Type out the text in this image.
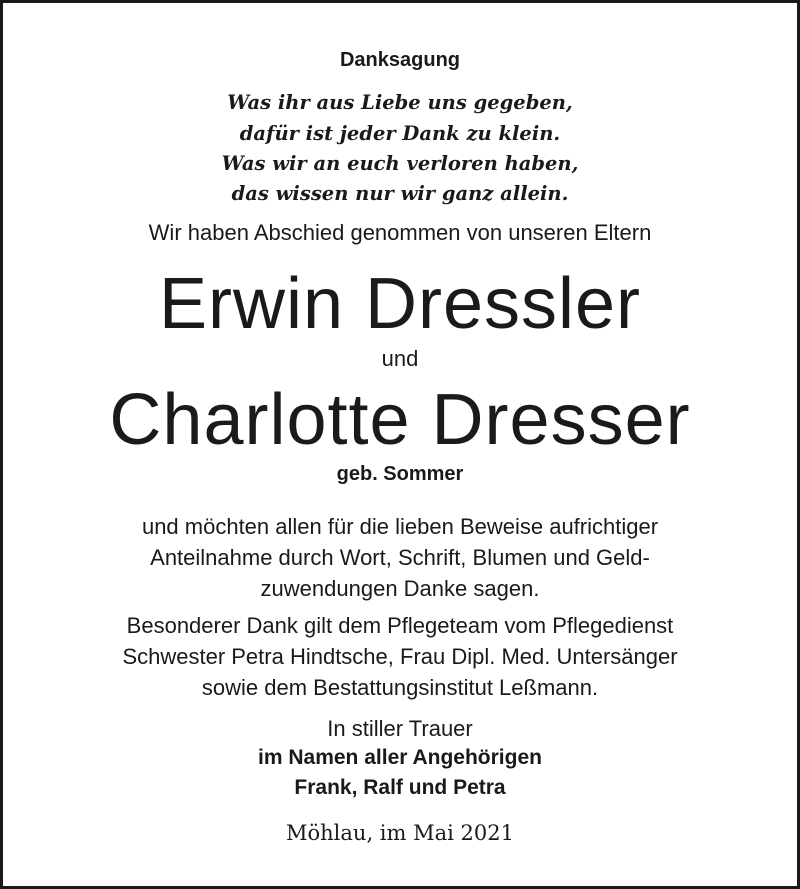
Danksagung
Was ihr aus Liebe uns gegeben,
dafür ist jeder Dank zu klein.
Was wir an euch verloren haben,
das wissen nur wir ganz allein.
Wir haben Abschied genommen von unseren Eltern
Erwin Dressler
und
Charlotte Dresser
geb. Sommer
und möchten allen für die lieben Beweise aufrichtiger
Anteilnahme durch Wort, Schrift, Blumen und Geld-
zuwendungen Danke sagen.
Besonderer Dank gilt dem Pflegeteam vom Pflegedienst
Schwester Petra Hindtsche, Frau Dipl. Med. Untersänger
sowie dem Bestattungsinstitut Leßmann.
In stiller Trauer
im Namen aller Angehörigen
Frank, Ralf und Petra
Möhlau, im Mai 2021
